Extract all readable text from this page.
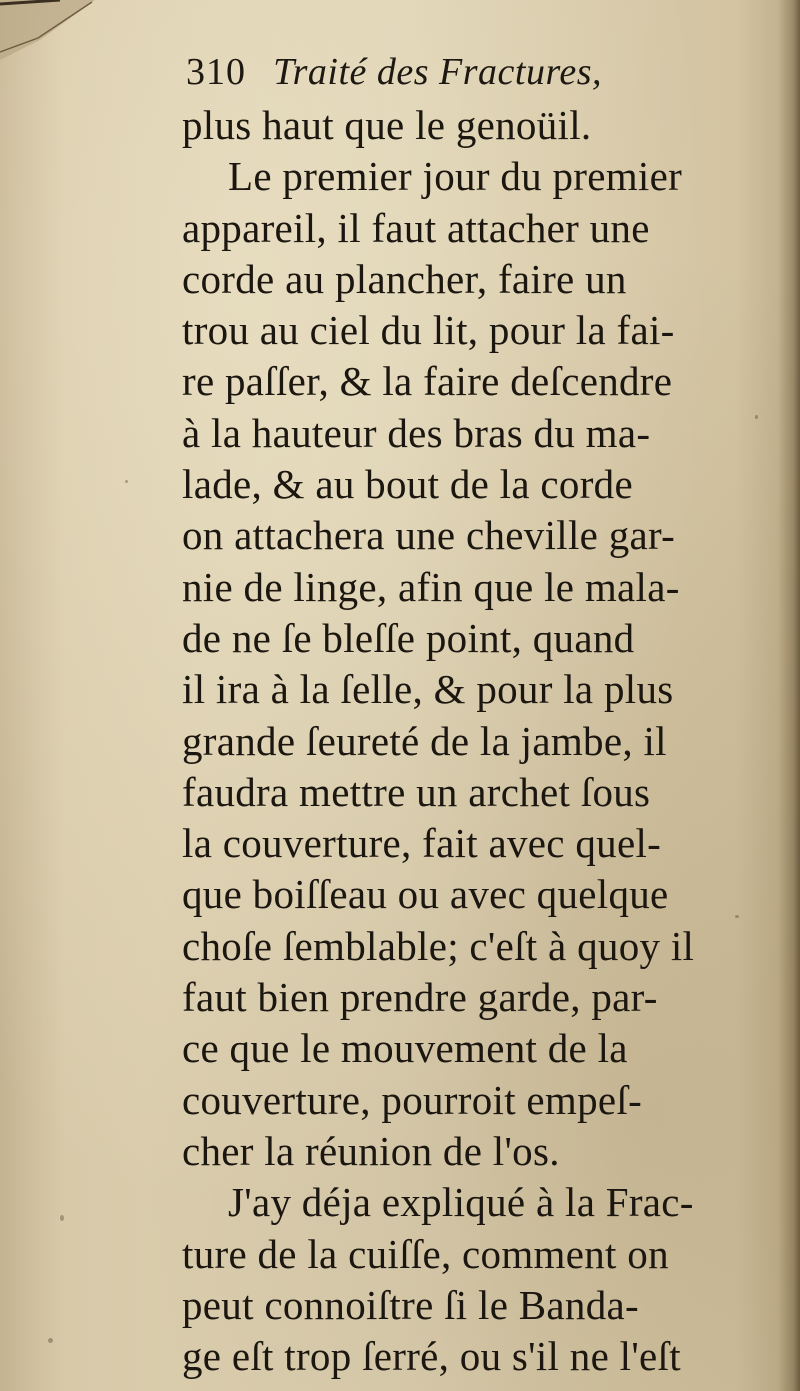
310 Traité des Fractures,
plus haut que le genoüil.
Le premier jour du premier
appareil, il faut attacher une
corde au plancher, faire un
trou au ciel du lit, pour la fai-
re paſſer, & la faire deſcendre
à la hauteur des bras du ma-
lade, & au bout de la corde
on attachera une cheville gar-
nie de linge, afin que le mala-
de ne ſe bleſſe point, quand
il ira à la ſelle, & pour la plus
grande ſeureté de la jambe, il
faudra mettre un archet ſous
la couverture, fait avec quel-
que boiſſeau ou avec quelque
choſe ſemblable; c'eſt à quoy il
faut bien prendre garde, par-
ce que le mouvement de la
couverture, pourroit empeſ-
cher la réunion de l'os.
J'ay déja expliqué à la Frac-
ture de la cuiſſe, comment on
peut connoiſtre ſi le Banda-
ge eſt trop ſerré, ou s'il ne l'eſt
